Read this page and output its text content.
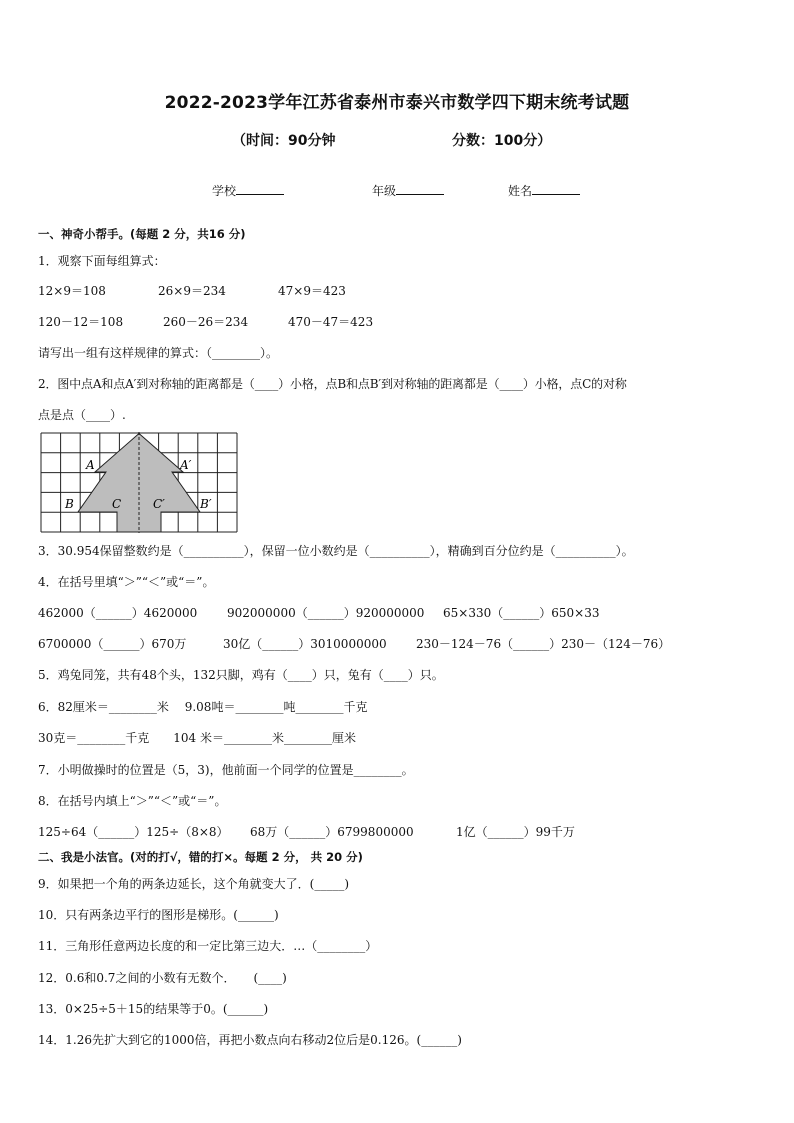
2022-2023学年江苏省泰州市泰兴市数学四下期末统考试题
（时间：90分钟	分数：100分）
学校	年级	姓名
一、神奇小帮手。(每题 2 分，共16 分)
1．观察下面每组算式：
12×9＝108	26×9＝234	47×9＝423
120－12＝108	260－26＝234	470－47＝423
请写出一组有这样规律的算式：（________）。
2．图中点A和点A′到对称轴的距离都是（____）小格，点B和点B′到对称轴的距离都是（____）小格，点C的对称
点是点（____）.
A	A′
B	C	C′	B′
3．30.954保留整数约是（__________），保留一位小数约是（__________），精确到百分位约是（__________）。
4．在括号里填“＞”“＜”或“＝”。
462000（______）4620000 902000000（______）920000000 65×330（______）650×33
6700000（______）670万	30亿（______）3010000000 230－124－76（______）230－（124－76）
5．鸡兔同笼，共有48个头，132只脚，鸡有（____）只，兔有（____）只。
6．82厘米＝________米　 9.08吨＝________吨________千克
30克＝________千克　　104 米＝________米________厘米
7．小明做操时的位置是（5，3)，他前面一个同学的位置是________。
8．在括号内填上“＞”“＜”或“＝”。
125÷64（______）125÷（8×8） 68万（______）6799800000	1亿（______）99千万
二、我是小法官。(对的打√，错的打×。每题 2 分， 共 20 分)
9．如果把一个角的两条边延长，这个角就变大了．(_____)
10．只有两条边平行的图形是梯形。(______)
11．三角形任意两边长度的和一定比第三边大．…（________）
12．0.6和0.7之间的小数有无数个．　　(____)
13．0×25÷5＋15的结果等于0。(______)
14．1.26先扩大到它的1000倍，再把小数点向右移动2位后是0.126。(______)
